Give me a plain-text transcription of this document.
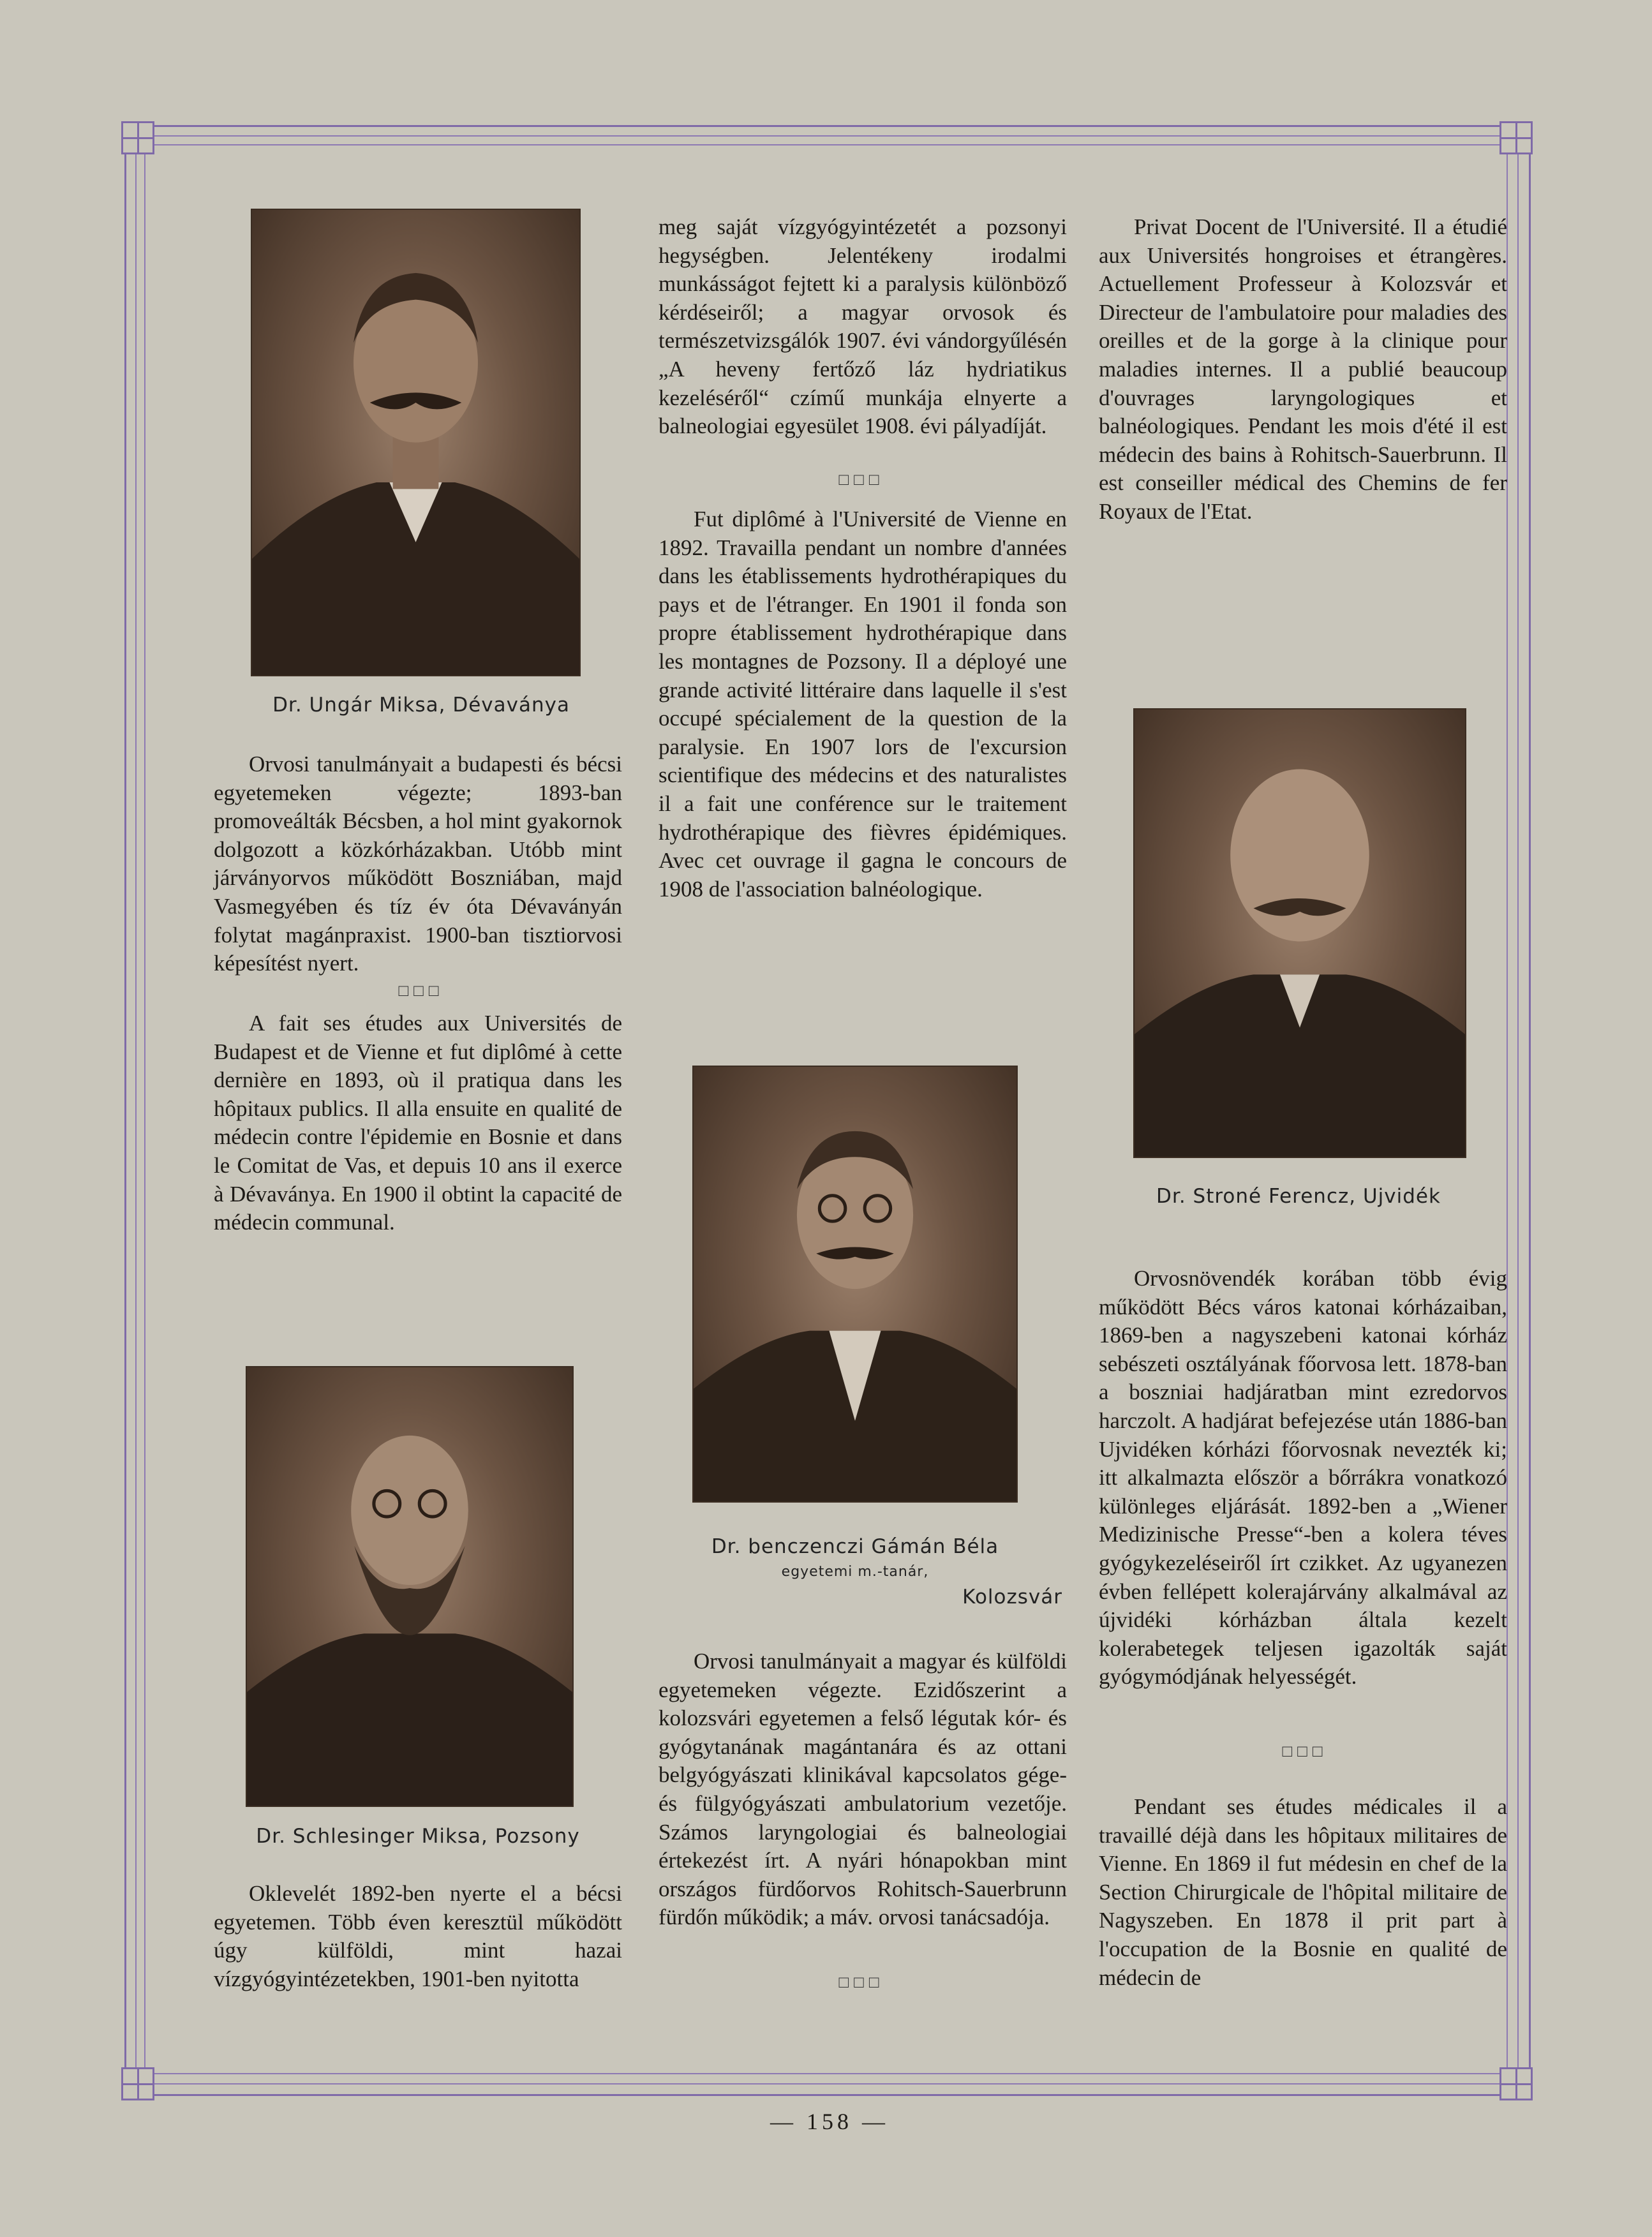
Dr. Ungár Miksa, Dévaványa

Orvosi tanulmányait a budapesti és bécsi egyetemeken végezte; 1893-ban promoveálták Bécsben, a hol mint gyakornok dolgozott a közkórházakban. Utóbb mint járványorvos működött Boszniában, majd Vasmegyében és tíz év óta Dévaványán folytat magánpraxist. 1900-ban tisztiorvosi képesítést nyert.

□□□

A fait ses études aux Universités de Budapest et de Vienne et fut diplômé à cette dernière en 1893, où il pratiqua dans les hôpitaux publics. Il alla ensuite en qualité de médecin contre l'épidemie en Bosnie et dans le Comitat de Vas, et depuis 10 ans il exerce à Dévaványa. En 1900 il obtint la capacité de médecin communal.

Dr. Schlesinger Miksa, Pozsony

Oklevelét 1892-ben nyerte el a bécsi egyetemen. Több éven keresztül működött úgy külföldi, mint hazai vízgyógyintézetekben, 1901-ben nyitotta

meg saját vízgyógyintézetét a pozsonyi hegységben. Jelentékeny irodalmi munkásságot fejtett ki a paralysis különböző kérdéseiről; a magyar orvosok és természetvizsgálók 1907. évi vándorgyűlésén „A heveny fertőző láz hydriatikus kezeléséről“ czímű munkája elnyerte a balneologiai egyesület 1908. évi pályadíját.

□□□

Fut diplômé à l'Université de Vienne en 1892. Travailla pendant un nombre d'années dans les établissements hydrothérapiques du pays et de l'étranger. En 1901 il fonda son propre établissement hydrothérapique dans les montagnes de Pozsony. Il a déployé une grande activité littéraire dans laquelle il s'est occupé spécialement de la question de la paralysie. En 1907 lors de l'excursion scientifique des médecins et des naturalistes il a fait une conférence sur le traitement hydrothérapique des fièvres épidémiques. Avec cet ouvrage il gagna le concours de 1908 de l'association balnéologique.

Dr. benczenczi Gámán Béla
egyetemi m.-tanár,
Kolozsvár

Orvosi tanulmányait a magyar és külföldi egyetemeken végezte. Ezidőszerint a kolozsvári egyetemen a felső légutak kór- és gyógytanának magántanára és az ottani belgyógyászati klinikával kapcsolatos gége- és fülgyógyászati ambulatorium vezetője. Számos laryngologiai és balneologiai értekezést írt. A nyári hónapokban mint országos fürdőorvos Rohitsch-Sauerbrunn fürdőn működik; a máv. orvosi tanácsadója.

□□□

Privat Docent de l'Université. Il a étudié aux Universités hongroises et étrangères. Actuellement Professeur à Kolozsvár et Directeur de l'ambulatoire pour maladies des oreilles et de la gorge à la clinique pour maladies internes. Il a publié beaucoup d'ouvrages laryngologiques et balnéologiques. Pendant les mois d'été il est médecin des bains à Rohitsch-Sauerbrunn. Il est conseiller médical des Chemins de fer Royaux de l'Etat.

Dr. Stroné Ferencz, Ujvidék

Orvosnövendék korában több évig működött Bécs város katonai kórházaiban, 1869-ben a nagyszebeni katonai kórház sebészeti osztályának főorvosa lett. 1878-ban a boszniai hadjáratban mint ezredorvos harczolt. A hadjárat befejezése után 1886-ban Ujvidéken kórházi főorvosnak nevezték ki; itt alkalmazta először a bőrrákra vonatkozó különleges eljárását. 1892-ben a „Wiener Medizinische Presse“-ben a kolera téves gyógykezeléseiről írt czikket. Az ugyanezen évben fellépett kolerajárvány alkalmával az újvidéki kórházban általa kezelt kolerabetegek teljesen igazolták saját gyógymódjának helyességét.

□□□

Pendant ses études médicales il a travaillé déjà dans les hôpitaux militaires de Vienne. En 1869 il fut médesin en chef de la Section Chirurgicale de l'hôpital militaire de Nagyszeben. En 1878 il prit part à l'occupation de la Bosnie en qualité de médecin de

— 158 —
